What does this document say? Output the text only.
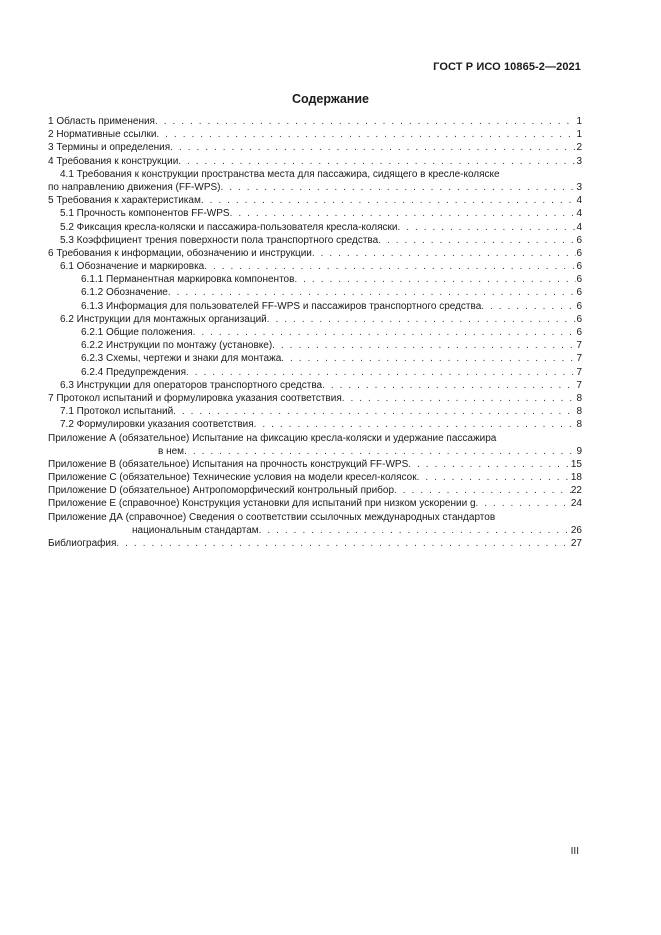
ГОСТ Р ИСО 10865-2—2021
Содержание
1 Область применения . . .	1
2 Нормативные ссылки . . .	1
3 Термины и определения . . .	2
4 Требования к конструкции . . .	3
4.1 Требования к конструкции пространства места для пассажира, сидящего в кресле-коляске
по направлению движения (FF-WPS) . . .	3
5 Требования к характеристикам . . .	4
5.1 Прочность компонентов FF-WPS . . .	4
5.2 Фиксация кресла-коляски и пассажира-пользователя кресла-коляски . . .	4
5.3 Коэффициент трения поверхности пола транспортного средства . . .	6
6 Требования к информации, обозначению и инструкции . . .	6
6.1 Обозначение и маркировка . . .	6
6.1.1 Перманентная маркировка компонентов . . .	6
6.1.2 Обозначение . . .	6
6.1.3 Информация для пользователей FF-WPS и пассажиров транспортного средства . . .	6
6.2 Инструкции для монтажных организаций . . .	6
6.2.1 Общие положения . . .	6
6.2.2 Инструкции по монтажу (установке) . . .	7
6.2.3 Схемы, чертежи и знаки для монтажа . . .	7
6.2.4 Предупреждения . . .	7
6.3 Инструкции для операторов транспортного средства . . .	7
7 Протокол испытаний и формулировка указания соответствия . . .	8
7.1 Протокол испытаний . . .	8
7.2 Формулировки указания соответствия . . .	8
Приложение А (обязательное) Испытание на фиксацию кресла-коляски и удержание пассажира
в нем . . .	9
Приложение В (обязательное) Испытания на прочность конструкций FF-WPS . . .	15
Приложение С (обязательное) Технические условия на модели кресел-колясок . . .	18
Приложение D (обязательное) Антропоморфический контрольный прибор . . .	22
Приложение Е (справочное) Конструкция установки для испытаний при низком ускорении g . . .	24
Приложение ДА (справочное) Сведения о соответствии ссылочных международных стандартов
национальным стандартам . . .	26
Библиография . . .	27
III
